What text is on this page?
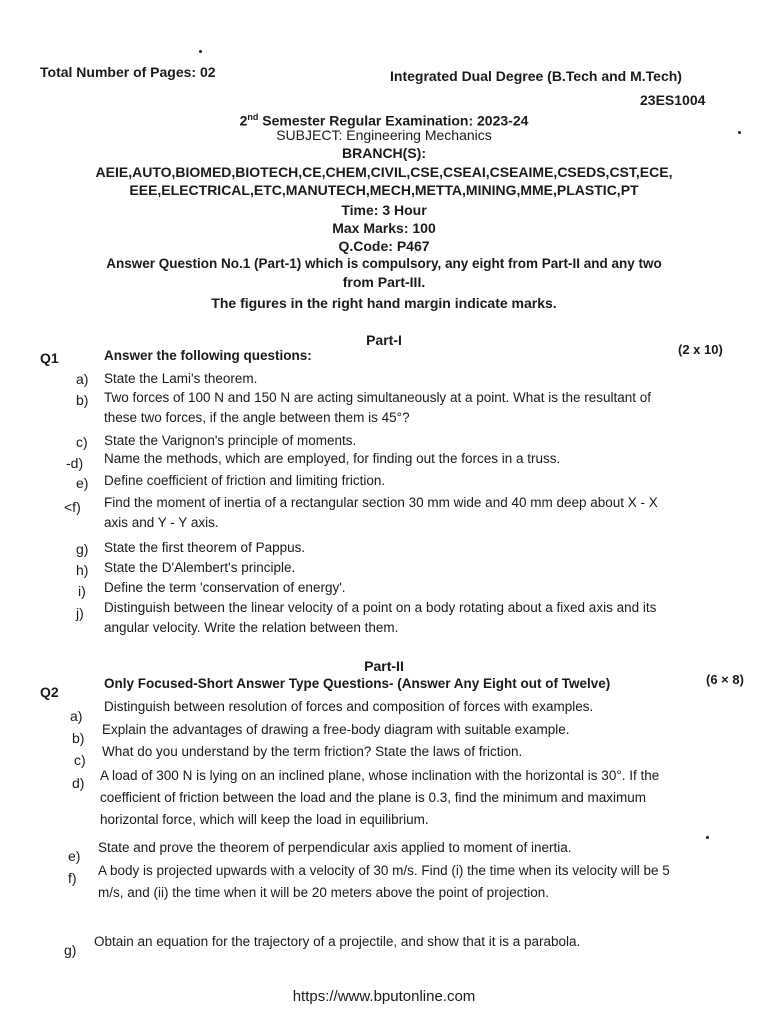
Total Number of Pages: 02	Integrated Dual Degree (B.Tech and M.Tech)
23ES1004
2nd Semester Regular Examination: 2023-24
SUBJECT: Engineering Mechanics
BRANCH(S):
AEIE,AUTO,BIOMED,BIOTECH,CE,CHEM,CIVIL,CSE,CSEAI,CSEAIME,CSEDS,CST,ECE,
EEE,ELECTRICAL,ETC,MANUTECH,MECH,METTA,MINING,MME,PLASTIC,PT
Time: 3 Hour
Max Marks: 100
Q.Code: P467
Answer Question No.1 (Part-1) which is compulsory, any eight from Part-II and any two
from Part-III.
The figures in the right hand margin indicate marks.
Part-I
Q1	Answer the following questions:	(2 x 10)
a) State the Lami's theorem.
b) Two forces of 100 N and 150 N are acting simultaneously at a point. What is the resultant of these two forces, if the angle between them is 45°?
c) State the Varignon's principle of moments.
-d) Name the methods, which are employed, for finding out the forces in a truss.
e) Define coefficient of friction and limiting friction.
<f) Find the moment of inertia of a rectangular section 30 mm wide and 40 mm deep about X - X axis and Y - Y axis.
g) State the first theorem of Pappus.
h) State the D'Alembert's principle.
i) Define the term 'conservation of energy'.
j) Distinguish between the linear velocity of a point on a body rotating about a fixed axis and its angular velocity. Write the relation between them.
Part-II
Q2
Only Focused-Short Answer Type Questions- (Answer Any Eight out of Twelve)	(6 × 8)
a)
Distinguish between resolution of forces and composition of forces with examples.
b)
Explain the advantages of drawing a free-body diagram with suitable example.
c)
What do you understand by the term friction? State the laws of friction.
d) A load of 300 N is lying on an inclined plane, whose inclination with the horizontal is 30°. If the coefficient of friction between the load and the plane is 0.3, find the minimum and maximum horizontal force, which will keep the load in equilibrium.
e)
State and prove the theorem of perpendicular axis applied to moment of inertia.
f) A body is projected upwards with a velocity of 30 m/s. Find (i) the time when its velocity will be 5 m/s, and (ii) the time when it will be 20 meters above the point of projection.
g)
Obtain an equation for the trajectory of a projectile, and show that it is a parabola.
https://www.bputonline.com
